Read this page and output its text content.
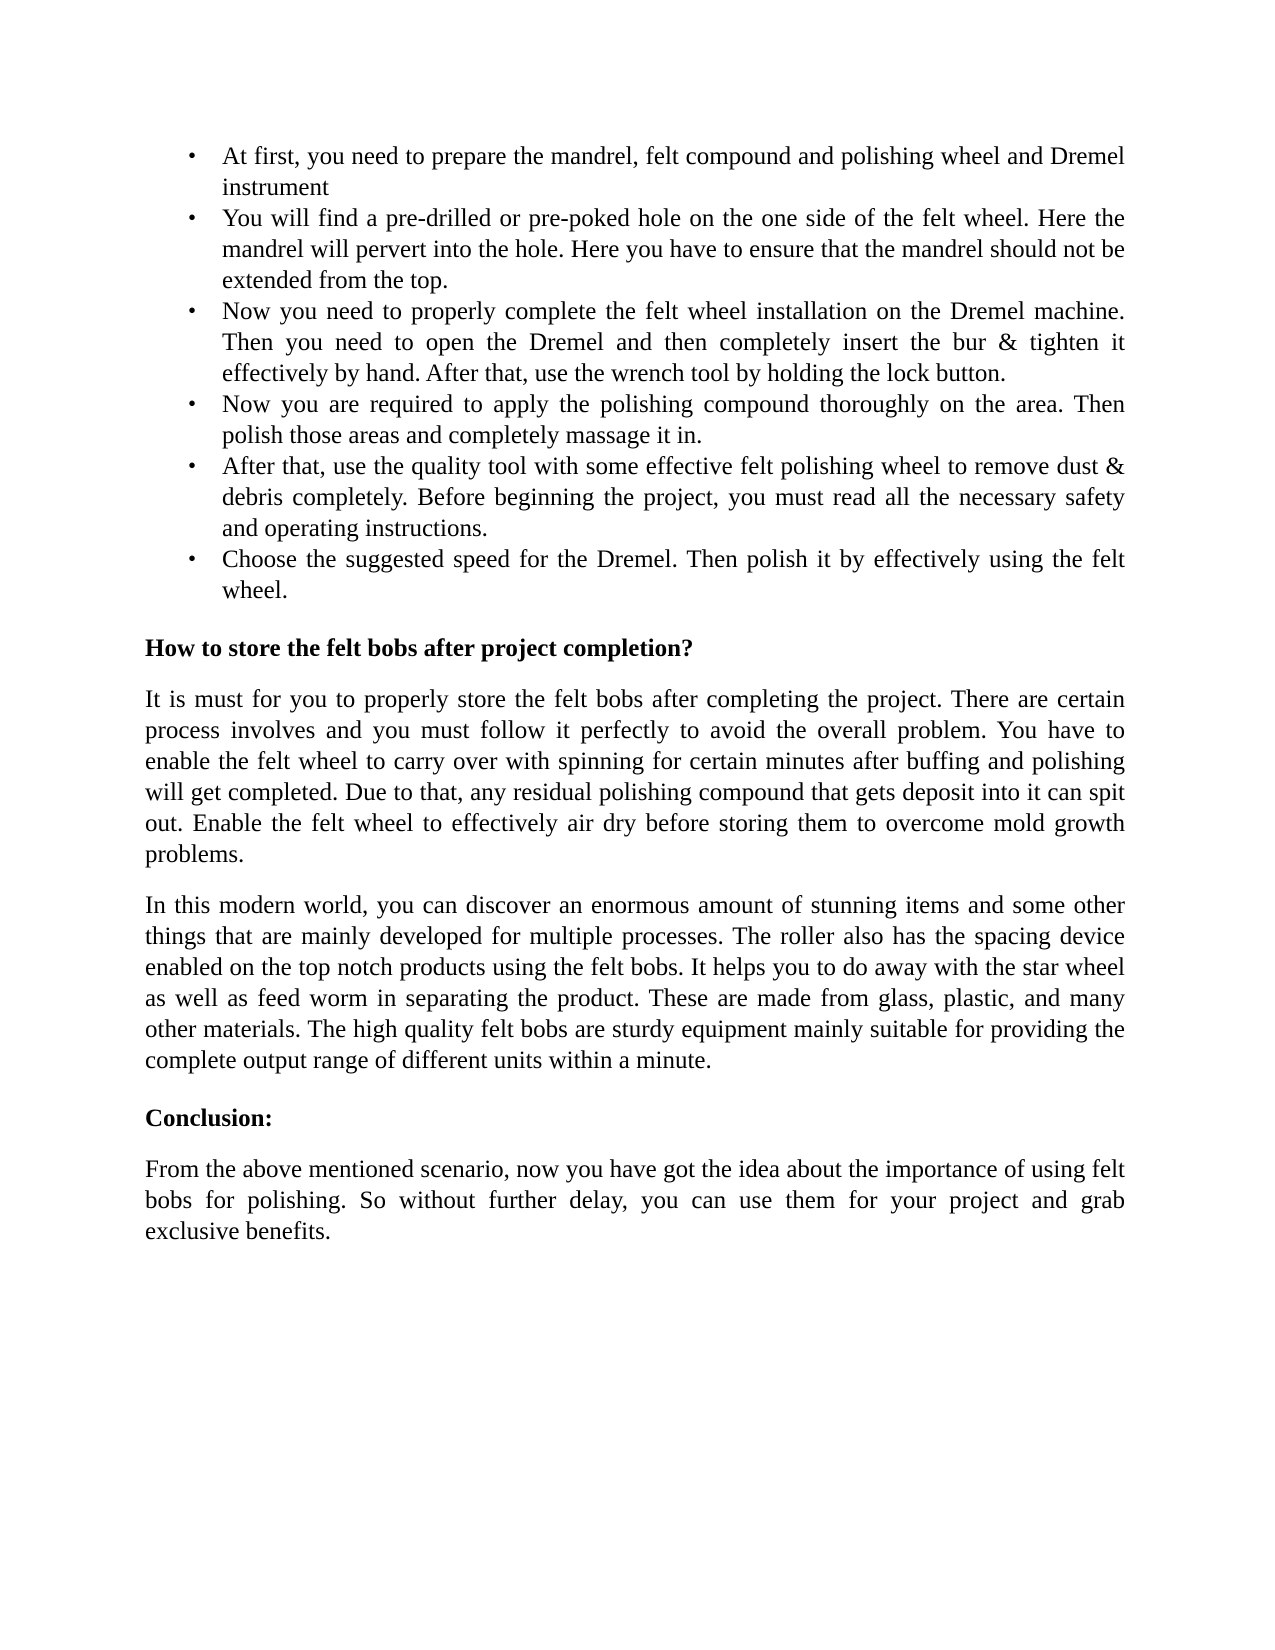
• At first, you need to prepare the mandrel, felt compound and polishing wheel and Dremel instrument
• You will find a pre-drilled or pre-poked hole on the one side of the felt wheel. Here the mandrel will pervert into the hole. Here you have to ensure that the mandrel should not be extended from the top.
• Now you need to properly complete the felt wheel installation on the Dremel machine. Then you need to open the Dremel and then completely insert the bur & tighten it effectively by hand. After that, use the wrench tool by holding the lock button.
• Now you are required to apply the polishing compound thoroughly on the area. Then polish those areas and completely massage it in.
• After that, use the quality tool with some effective felt polishing wheel to remove dust & debris completely. Before beginning the project, you must read all the necessary safety and operating instructions.
• Choose the suggested speed for the Dremel. Then polish it by effectively using the felt wheel.
How to store the felt bobs after project completion?

It is must for you to properly store the felt bobs after completing the project. There are certain process involves and you must follow it perfectly to avoid the overall problem. You have to enable the felt wheel to carry over with spinning for certain minutes after buffing and polishing will get completed. Due to that, any residual polishing compound that gets deposit into it can spit out. Enable the felt wheel to effectively air dry before storing them to overcome mold growth problems.

In this modern world, you can discover an enormous amount of stunning items and some other things that are mainly developed for multiple processes. The roller also has the spacing device enabled on the top notch products using the felt bobs. It helps you to do away with the star wheel as well as feed worm in separating the product. These are made from glass, plastic, and many other materials. The high quality felt bobs are sturdy equipment mainly suitable for providing the complete output range of different units within a minute.

Conclusion:

From the above mentioned scenario, now you have got the idea about the importance of using felt bobs for polishing. So without further delay, you can use them for your project and grab exclusive benefits.
